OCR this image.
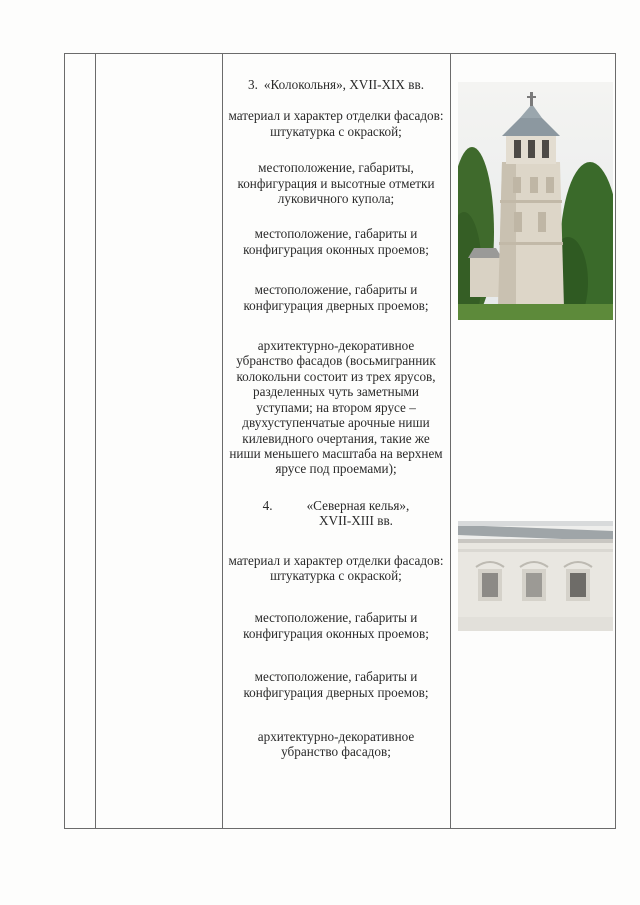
3. «Колокольня», XVII-XIX вв.

материал и характер отделки фасадов: штукатурка с окраской;

местоположение, габариты, конфигурация и высотные отметки луковичного купола;

местоположение, габариты и конфигурация оконных проемов;

местоположение, габариты и конфигурация дверных проемов;

архитектурно-декоративное убранство фасадов (восьмигранник колокольни состоит из трех ярусов, разделенных чуть заметными уступами; на втором ярусе – двухуступенчатые арочные ниши килевидного очертания, такие же ниши меньшего масштаба на верхнем ярусе под проемами);

4.	«Северная келья»,
XVII-XIII вв.

материал и характер отделки фасадов: штукатурка с окраской;

местоположение, габариты и конфигурация оконных проемов;

местоположение, габариты и конфигурация дверных проемов;

архитектурно-декоративное убранство фасадов;
